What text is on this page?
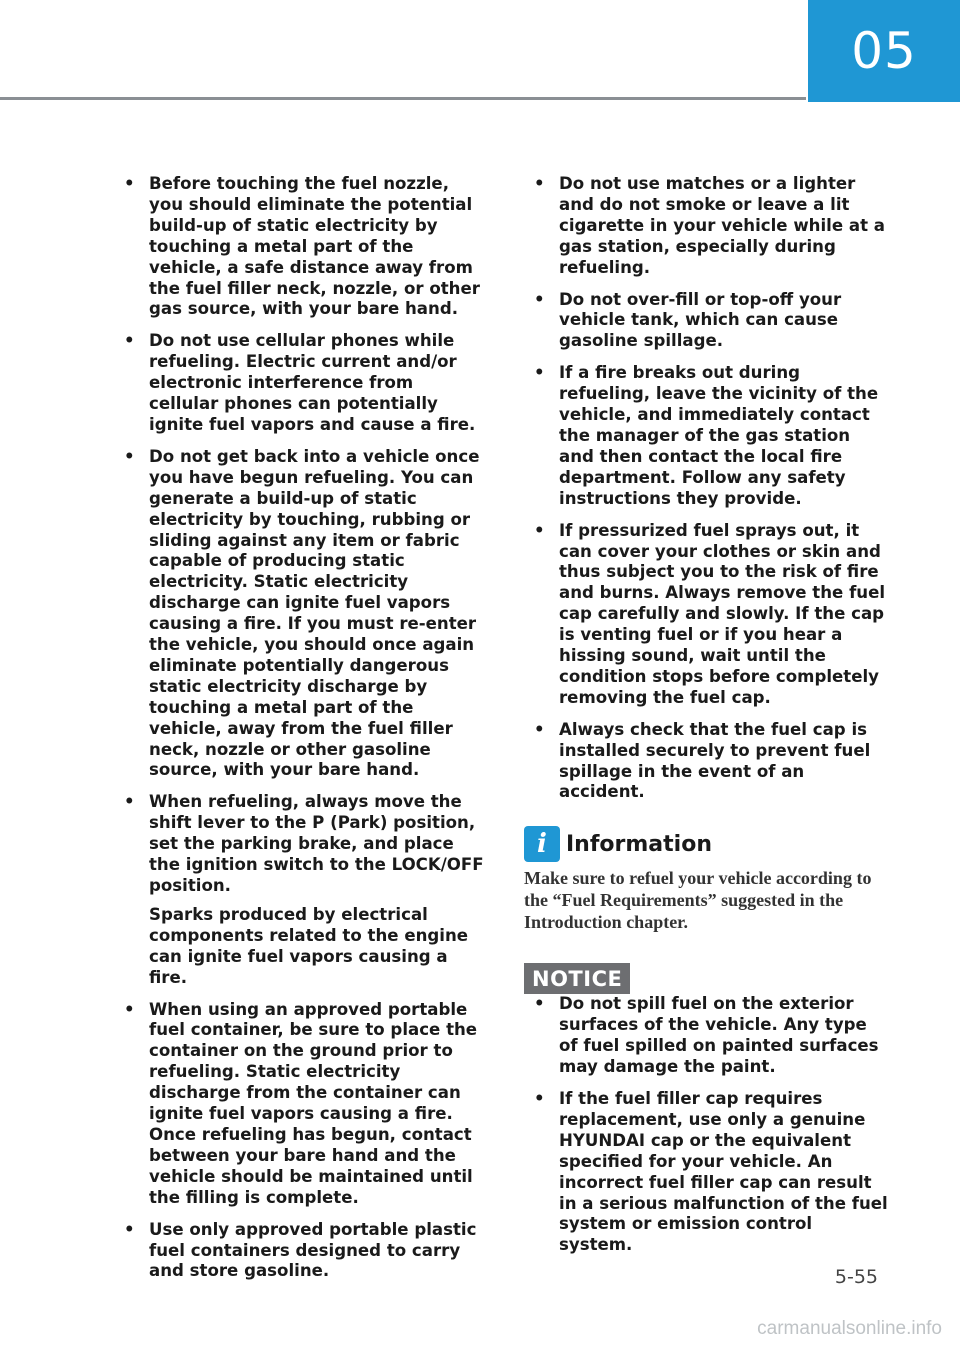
05
• Before touching the fuel nozzle, you should eliminate the potential build-up of static electricity by touching a metal part of the vehicle, a safe distance away from the fuel filler neck, nozzle, or other gas source, with your bare hand.
• Do not use cellular phones while refueling. Electric current and/or electronic interference from cellular phones can potentially ignite fuel vapors and cause a fire.
• Do not get back into a vehicle once you have begun refueling. You can generate a build-up of static electricity by touching, rubbing or sliding against any item or fabric capable of producing static electricity. Static electricity discharge can ignite fuel vapors causing a fire. If you must re-enter the vehicle, you should once again eliminate potentially dangerous static electricity discharge by touching a metal part of the vehicle, away from the fuel filler neck, nozzle or other gasoline source, with your bare hand.
• When refueling, always move the shift lever to the P (Park) position, set the parking brake, and place the ignition switch to the LOCK/OFF position.
Sparks produced by electrical components related to the engine can ignite fuel vapors causing a fire.
• When using an approved portable fuel container, be sure to place the container on the ground prior to refueling. Static electricity discharge from the container can ignite fuel vapors causing a fire. Once refueling has begun, contact between your bare hand and the vehicle should be maintained until the filling is complete.
• Use only approved portable plastic fuel containers designed to carry and store gasoline.
• Do not use matches or a lighter and do not smoke or leave a lit cigarette in your vehicle while at a gas station, especially during refueling.
• Do not over-fill or top-off your vehicle tank, which can cause gasoline spillage.
• If a fire breaks out during refueling, leave the vicinity of the vehicle, and immediately contact the manager of the gas station and then contact the local fire department. Follow any safety instructions they provide.
• If pressurized fuel sprays out, it can cover your clothes or skin and thus subject you to the risk of fire and burns. Always remove the fuel cap carefully and slowly. If the cap is venting fuel or if you hear a hissing sound, wait until the condition stops before completely removing the fuel cap.
• Always check that the fuel cap is installed securely to prevent fuel spillage in the event of an accident.
i Information
Make sure to refuel your vehicle according to the “Fuel Requirements” suggested in the Introduction chapter.
NOTICE
• Do not spill fuel on the exterior surfaces of the vehicle. Any type of fuel spilled on painted surfaces may damage the paint.
• If the fuel filler cap requires replacement, use only a genuine HYUNDAI cap or the equivalent specified for your vehicle. An incorrect fuel filler cap can result in a serious malfunction of the fuel system or emission control system.
5-55
carmanualsonline.info
